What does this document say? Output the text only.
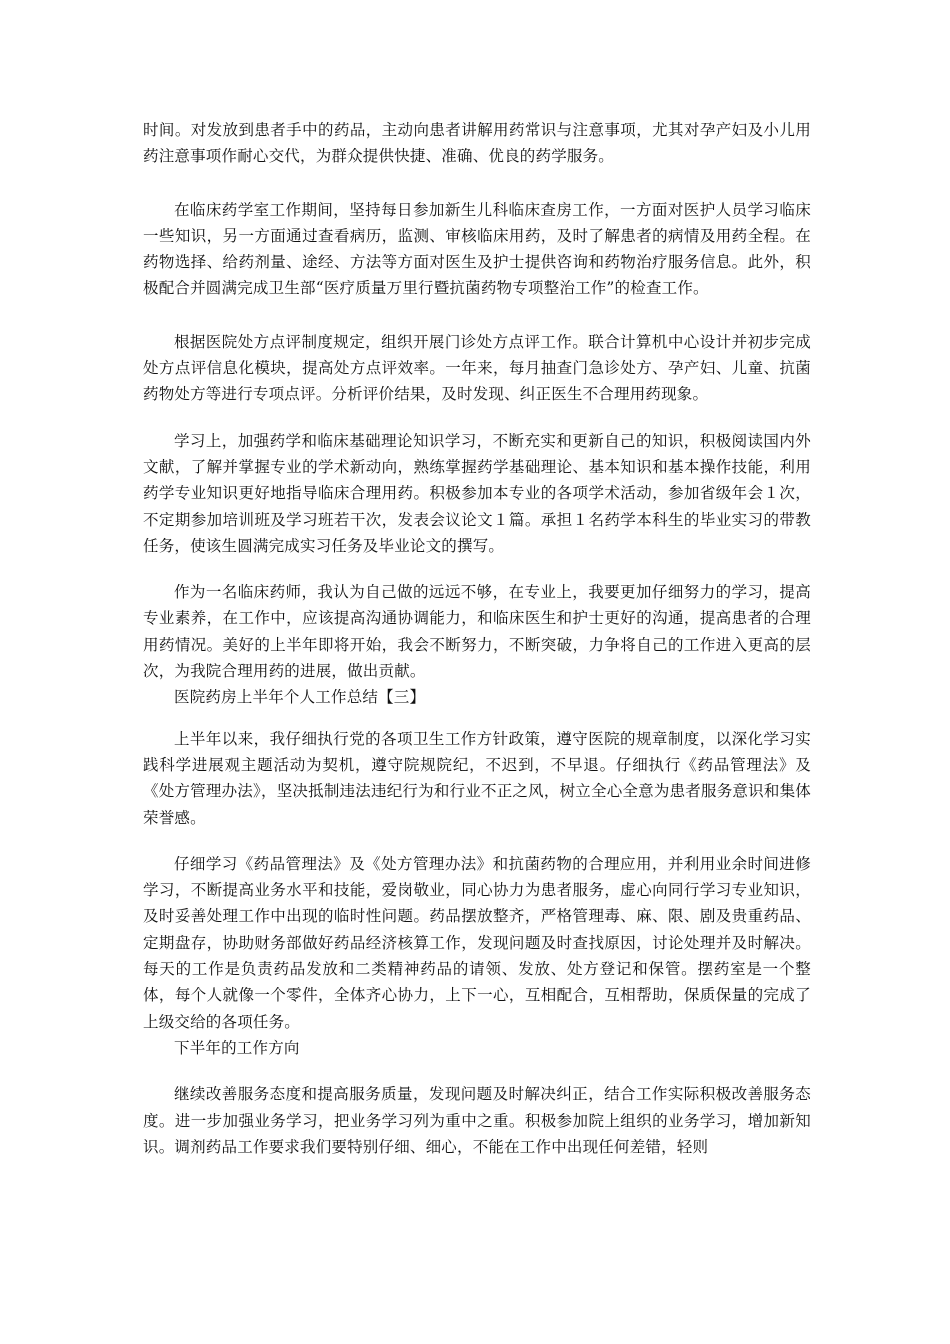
时间。对发放到患者手中的药品，主动向患者讲解用药常识与注意事项，尤其对孕产妇及小儿用药注意事项作耐心交代，为群众提供快捷、准确、优良的药学服务。

在临床药学室工作期间，坚持每日参加新生儿科临床查房工作，一方面对医护人员学习临床一些知识，另一方面通过查看病历，监测、审核临床用药，及时了解患者的病情及用药全程。在药物选择、给药剂量、途经、方法等方面对医生及护士提供咨询和药物治疗服务信息。此外，积极配合并圆满完成卫生部“医疗质量万里行暨抗菌药物专项整治工作”的检查工作。

根据医院处方点评制度规定，组织开展门诊处方点评工作。联合计算机中心设计并初步完成处方点评信息化模块，提高处方点评效率。一年来，每月抽查门急诊处方、孕产妇、儿童、抗菌药物处方等进行专项点评。分析评价结果，及时发现、纠正医生不合理用药现象。

学习上，加强药学和临床基础理论知识学习，不断充实和更新自己的知识，积极阅读国内外文献，了解并掌握专业的学术新动向，熟练掌握药学基础理论、基本知识和基本操作技能，利用药学专业知识更好地指导临床合理用药。积极参加本专业的各项学术活动，参加省级年会１次，不定期参加培训班及学习班若干次，发表会议论文１篇。承担１名药学本科生的毕业实习的带教任务，使该生圆满完成实习任务及毕业论文的撰写。

作为一名临床药师，我认为自己做的远远不够，在专业上，我要更加仔细努力的学习，提高专业素养，在工作中，应该提高沟通协调能力，和临床医生和护士更好的沟通，提高患者的合理用药情况。美好的上半年即将开始，我会不断努力，不断突破，力争将自己的工作进入更高的层次，为我院合理用药的进展，做出贡献。

医院药房上半年个人工作总结【三】

上半年以来，我仔细执行党的各项卫生工作方针政策，遵守医院的规章制度，以深化学习实践科学进展观主题活动为契机，遵守院规院纪，不迟到，不早退。仔细执行《药品管理法》及《处方管理办法》，坚决抵制违法违纪行为和行业不正之风，树立全心全意为患者服务意识和集体荣誉感。

仔细学习《药品管理法》及《处方管理办法》和抗菌药物的合理应用，并利用业余时间进修学习，不断提高业务水平和技能，爱岗敬业，同心协力为患者服务，虚心向同行学习专业知识，及时妥善处理工作中出现的临时性问题。药品摆放整齐，严格管理毒、麻、限、剧及贵重药品、定期盘存，协助财务部做好药品经济核算工作，发现问题及时查找原因，讨论处理并及时解决。每天的工作是负责药品发放和二类精神药品的请领、发放、处方登记和保管。摆药室是一个整体，每个人就像一个零件，全体齐心协力，上下一心，互相配合，互相帮助，保质保量的完成了上级交给的各项任务。

下半年的工作方向

继续改善服务态度和提高服务质量，发现问题及时解决纠正，结合工作实际积极改善服务态度。进一步加强业务学习，把业务学习列为重中之重。积极参加院上组织的业务学习，增加新知识。调剂药品工作要求我们要特别仔细、细心，不能在工作中出现任何差错，轻则
